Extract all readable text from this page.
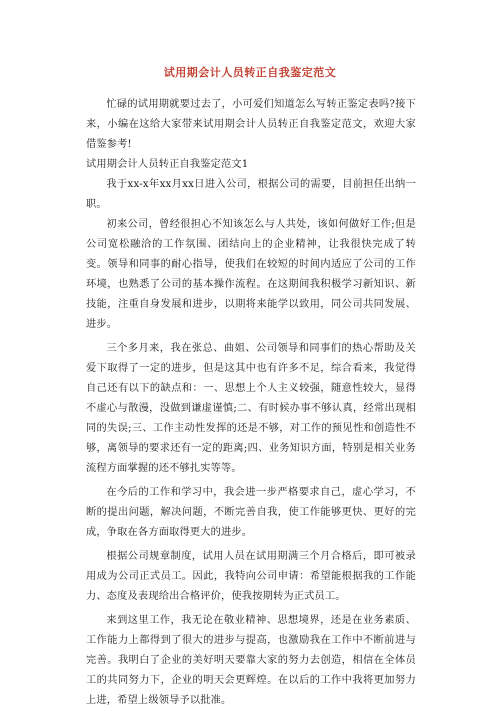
试用期会计人员转正自我鉴定范文

忙碌的试用期就要过去了，小可爱们知道怎么写转正鉴定表吗?接下来，小编在这给大家带来试用期会计人员转正自我鉴定范文，欢迎大家借鉴参考!

试用期会计人员转正自我鉴定范文1

我于xx-x年xx月xx日进入公司，根据公司的需要，目前担任出纳一职。

初来公司，曾经很担心不知该怎么与人共处，该如何做好工作;但是公司宽松融洽的工作氛围、团结向上的企业精神，让我很快完成了转变。领导和同事的耐心指导，使我们在较短的时间内适应了公司的工作环境，也熟悉了公司的基本操作流程。在这期间我积极学习新知识、新技能，注重自身发展和进步，以期将来能学以致用，同公司共同发展、进步。

三个多月来，我在张总、曲姐、公司领导和同事们的热心帮助及关爱下取得了一定的进步，但是这其中也有许多不足，综合看来，我觉得自己还有以下的缺点和：一、思想上个人主义较强，随意性较大，显得不虚心与散漫，没做到谦虚谨慎;二、有时候办事不够认真，经常出现相同的失误;三、工作主动性发挥的还是不够，对工作的预见性和创造性不够，离领导的要求还有一定的距离;四、业务知识方面，特别是相关业务流程方面掌握的还不够扎实等等。

在今后的工作和学习中，我会进一步严格要求自己，虚心学习，不断的提出问题，解决问题，不断完善自我，使工作能够更快、更好的完成，争取在各方面取得更大的进步。

根据公司规章制度，试用人员在试用期满三个月合格后，即可被录用成为公司正式员工。因此，我特向公司申请：希望能根据我的工作能力、态度及表现给出合格评价，使我按期转为正式员工。

来到这里工作，我无论在敬业精神、思想境界，还是在业务素质、工作能力上都得到了很大的进步与提高，也激励我在工作中不断前进与完善。我明白了企业的美好明天要靠大家的努力去创造，相信在全体员工的共同努力下，企业的明天会更辉煌。在以后的工作中我将更加努力上进，希望上级领导予以批准。
